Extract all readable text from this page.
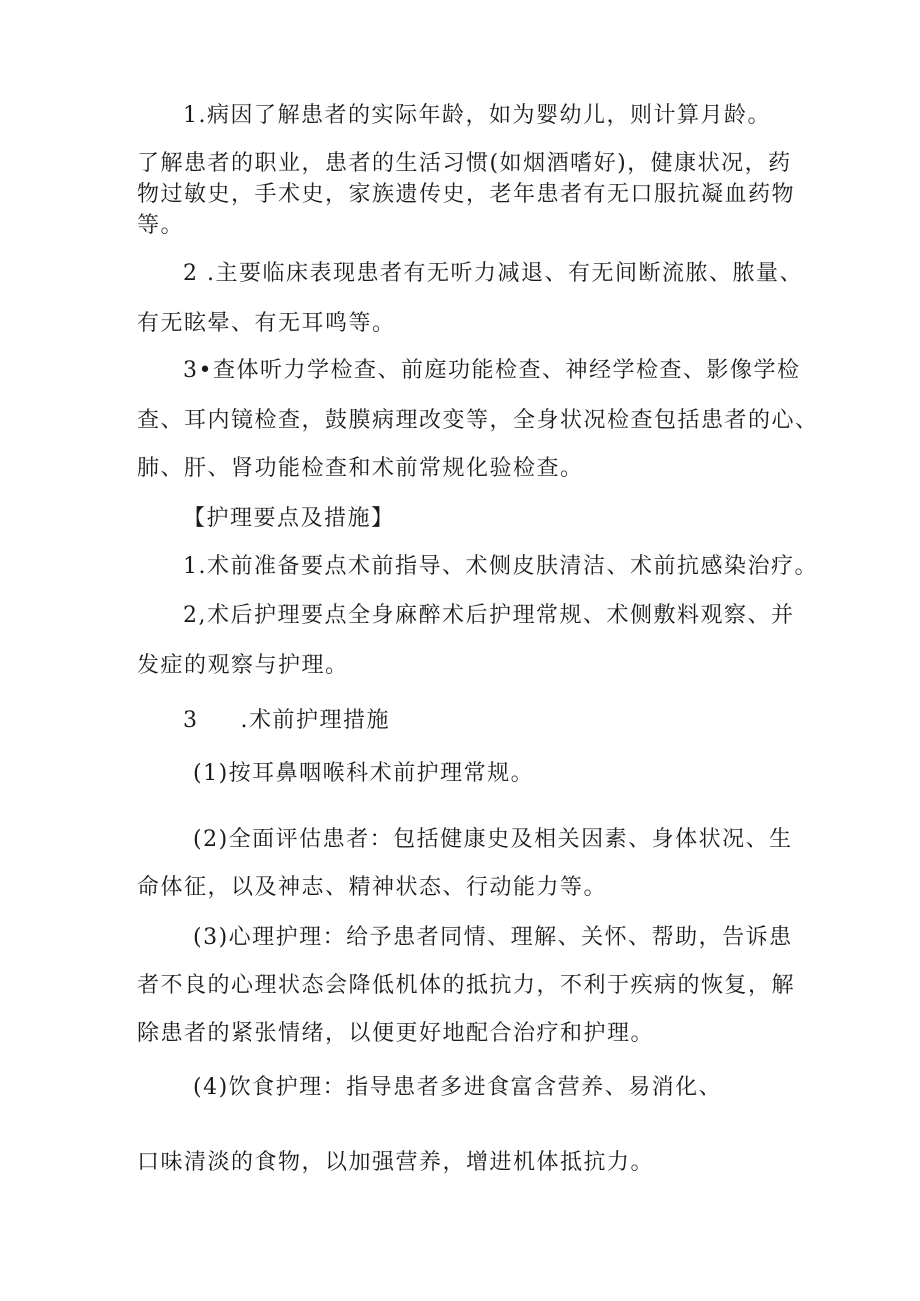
1.病因了解患者的实际年龄，如为婴幼儿，则计算月龄。
了解患者的职业，患者的生活习惯(如烟酒嗜好)，健康状况，药
物过敏史，手术史，家族遗传史，老年患者有无口服抗凝血药物
等。
2 .主要临床表现患者有无听力减退、有无间断流脓、脓量、
有无眩晕、有无耳鸣等。
3•查体听力学检查、前庭功能检查、神经学检查、影像学检
查、耳内镜检查，鼓膜病理改变等，全身状况检查包括患者的心、
肺、肝、肾功能检查和术前常规化验检查。
【护理要点及措施】
1.术前准备要点术前指导、术侧皮肤清洁、术前抗感染治疗。
2,术后护理要点全身麻醉术后护理常规、术侧敷料观察、并
发症的观察与护理。
3 .术前护理措施
(1)按耳鼻咽喉科术前护理常规。
(2)全面评估患者：包括健康史及相关因素、身体状况、生
命体征，以及神志、精神状态、行动能力等。
(3)心理护理：给予患者同情、理解、关怀、帮助，告诉患
者不良的心理状态会降低机体的抵抗力，不利于疾病的恢复，解
除患者的紧张情绪，以便更好地配合治疗和护理。
(4)饮食护理：指导患者多进食富含营养、易消化、
口味清淡的食物，以加强营养，增进机体抵抗力。
